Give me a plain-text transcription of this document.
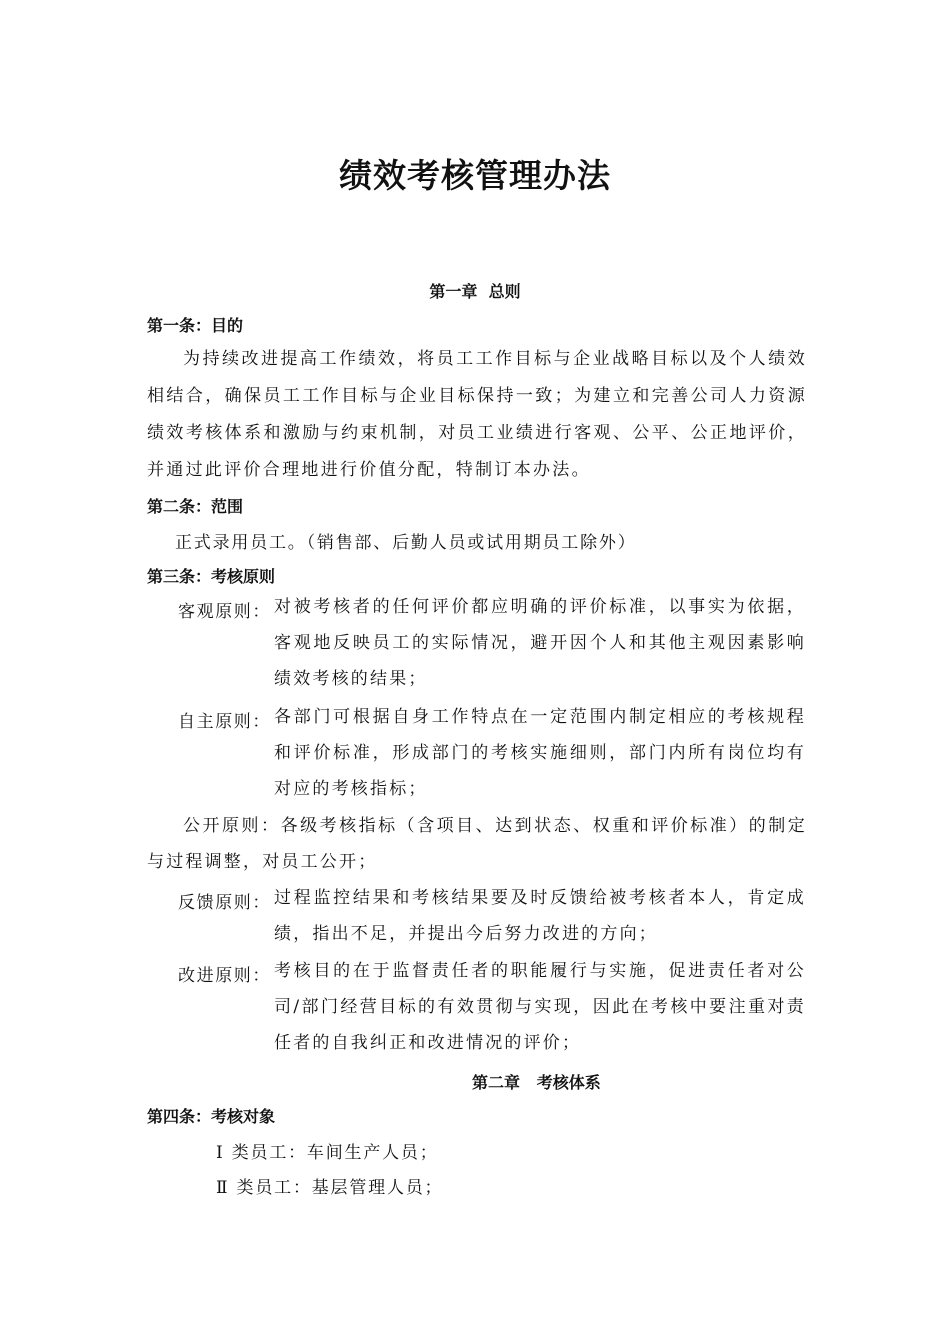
绩效考核管理办法
第一章  总则
第一条：目的

为持续改进提高工作绩效，将员工工作目标与企业战略目标以及个人绩效相结合，确保员工工作目标与企业目标保持一致；为建立和完善公司人力资源绩效考核体系和激励与约束机制，对员工业绩进行客观、公平、公正地评价，并通过此评价合理地进行价值分配，特制订本办法。

第二条：范围
正式录用员工。（销售部、后勤人员或试用期员工除外）
第三条：考核原则
客观原则： 对被考核者的任何评价都应明确的评价标准，以事实为依据，客观地反映员工的实际情况，避开因个人和其他主观因素影响绩效考核的结果；

自主原则： 各部门可根据自身工作特点在一定范围内制定相应的考核规程和评价标准，形成部门的考核实施细则，部门内所有岗位均有对应的考核指标；

公开原则：各级考核指标（含项目、达到状态、权重和评价标准）的制定与过程调整，对员工公开；

反馈原则： 过程监控结果和考核结果要及时反馈给被考核者本人，肯定成绩，指出不足，并提出今后努力改进的方向；

改进原则： 考核目的在于监督责任者的职能履行与实施，促进责任者对公司/部门经营目标的有效贯彻与实现，因此在考核中要注重对责任者的自我纠正和改进情况的评价；

第二章   考核体系
第四条：考核对象
Ⅰ 类员工：车间生产人员；
Ⅱ 类员工：基层管理人员；
